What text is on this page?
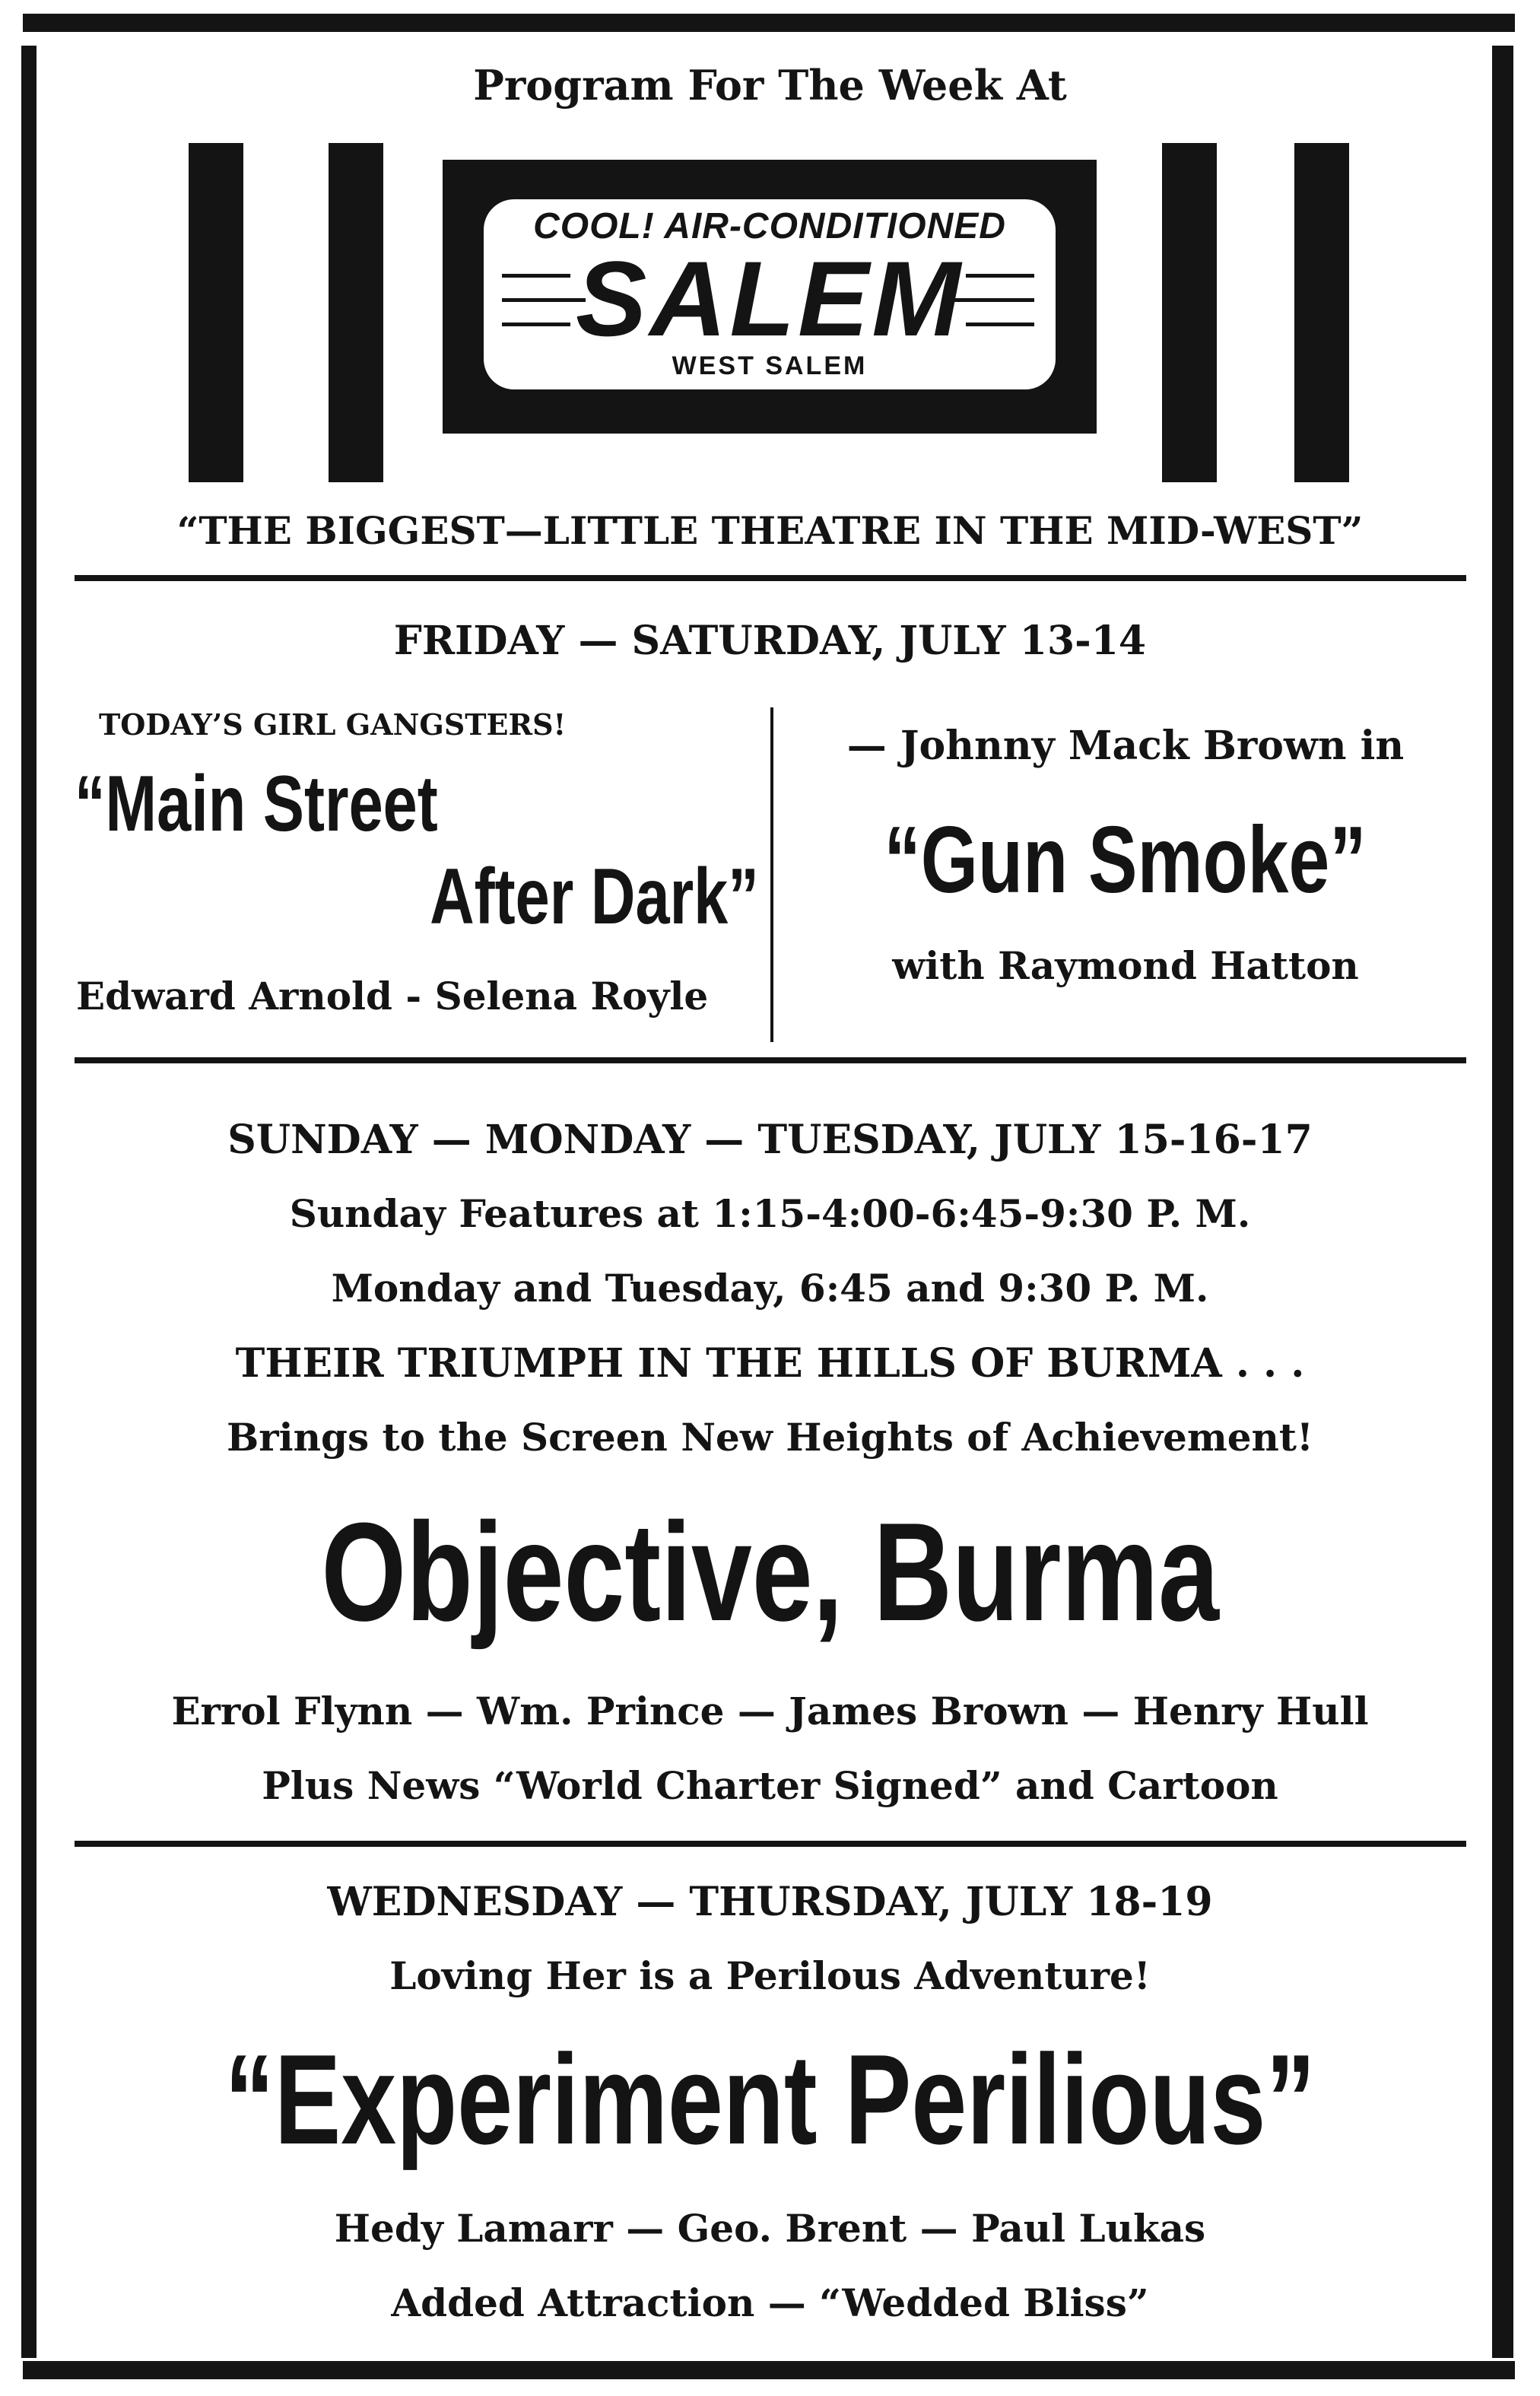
Program For The Week At
COOL! AIR-CONDITIONED
SALEM
WEST SALEM
“THE BIGGEST—LITTLE THEATRE IN THE MID-WEST”
FRIDAY — SATURDAY, JULY 13-14
TODAY’S GIRL GANGSTERS!
“Main Street
After Dark”
Edward Arnold - Selena Royle
— Johnny Mack Brown in
“Gun Smoke”
with Raymond Hatton
SUNDAY — MONDAY — TUESDAY, JULY 15-16-17
Sunday Features at 1:15-4:00-6:45-9:30 P. M.
Monday and Tuesday, 6:45 and 9:30 P. M.
THEIR TRIUMPH IN THE HILLS OF BURMA . . .
Brings to the Screen New Heights of Achievement!
Objective, Burma
Errol Flynn — Wm. Prince — James Brown — Henry Hull
Plus News “World Charter Signed” and Cartoon
WEDNESDAY — THURSDAY, JULY 18-19
Loving Her is a Perilous Adventure!
“Experiment Perilious”
Hedy Lamarr — Geo. Brent — Paul Lukas
Added Attraction — “Wedded Bliss”
